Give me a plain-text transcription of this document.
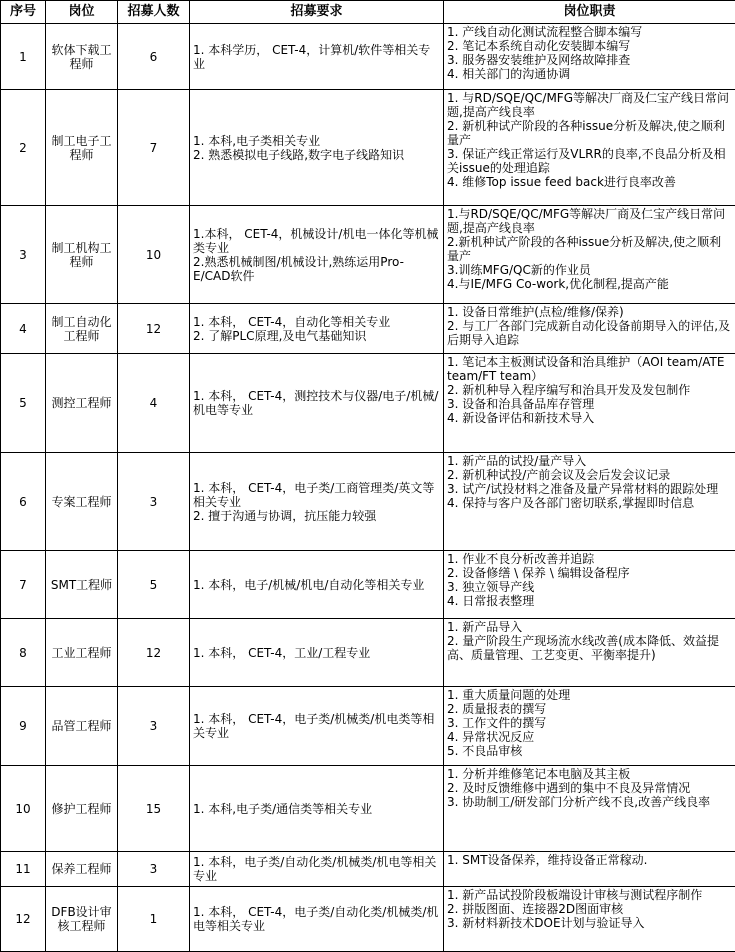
序号	岗位	招募人数	招募要求	岗位职责
1	软体下载工程师	6	1. 本科学历， CET-4，计算机/软件等相关专业	1. 产线自动化测试流程整合脚本编写
2. 笔记本系统自动化安装脚本编写
3. 服务器安装维护及网络故障排查
4. 相关部门的沟通协调

2	制工电子工程师	7	1. 本科,电子类相关专业
2. 熟悉模拟电子线路,数字电子线路知识	1. 与RD/SQE/QC/MFG等解决厂商及仁宝产线日常问题,提高产线良率
2. 新机种试产阶段的各种issue分析及解决,使之顺利量产
3. 保证产线正常运行及VLRR的良率,不良品分析及相关issue的处理追踪
4. 维修Top issue feed back进行良率改善

3	制工机构工程师	10	1.本科， CET-4，机械设计/机电一体化等机械类专业
2.熟悉机械制图/机械设计,熟练运用Pro-E/CAD软件	1.与RD/SQE/QC/MFG等解决厂商及仁宝产线日常问题,提高产线良率
2.新机种试产阶段的各种issue分析及解决,使之顺利量产
3.训练MFG/QC新的作业员
4.与IE/MFG Co-work,优化制程,提高产能

4	制工自动化工程师	12	1. 本科， CET-4，自动化等相关专业
2. 了解PLC原理,及电气基础知识	1. 设备日常维护(点检/维修/保养)
2. 与工厂各部门完成新自动化设备前期导入的评估,及后期导入追踪

5	测控工程师	4	1. 本科， CET-4，测控技术与仪器/电子/机械/机电等专业	1. 笔记本主板测试设备和治具维护（AOI team/ATE team/FT team）
2. 新机种导入程序编写和治具开发及发包制作
3. 设备和治具备品库存管理
4. 新设备评估和新技术导入

6	专案工程师	3	1. 本科， CET-4，电子类/工商管理类/英文等相关专业
2. 擅于沟通与协调，抗压能力较强	1. 新产品的试投/量产导入
2. 新机种试投/产前会议及会后发会议记录
3. 试产/试投材料之准备及量产异常材料的跟踪处理
4. 保持与客户及各部门密切联系,掌握即时信息

7	SMT工程师	5	1. 本科，电子/机械/机电/自动化等相关专业	1. 作业不良分析改善并追踪
2. 设备修缮 \ 保养 \ 编辑设备程序
3. 独立领导产线
4. 日常报表整理

8	工业工程师	12	1. 本科， CET-4，工业/工程专业	1. 新产品导入
2. 量产阶段生产现场流水线改善(成本降低、效益提高、质量管理、工艺变更、平衡率提升)

9	品管工程师	3	1. 本科， CET-4，电子类/机械类/机电类等相关专业	1. 重大质量问题的处理
2. 质量报表的撰写
3. 工作文件的撰写
4. 异常状况反应
5. 不良品审核

10	修护工程师	15	1. 本科,电子类/通信类等相关专业	1. 分析并维修笔记本电脑及其主板
2. 及时反馈维修中遇到的集中不良及异常情况
3. 协助制工/研发部门分析产线不良,改善产线良率

11	保养工程师	3	1. 本科，电子类/自动化类/机械类/机电等相关专业	1. SMT设备保养，维持设备正常稼动.

12	DFB设计审核工程师	1	1. 本科， CET-4，电子类/自动化类/机械类/机电等相关专业	1. 新产品试投阶段板端设计审核与测试程序制作
2. 拼版图面、连接器2D图面审核
3. 新材料新技术DOE计划与验证导入
